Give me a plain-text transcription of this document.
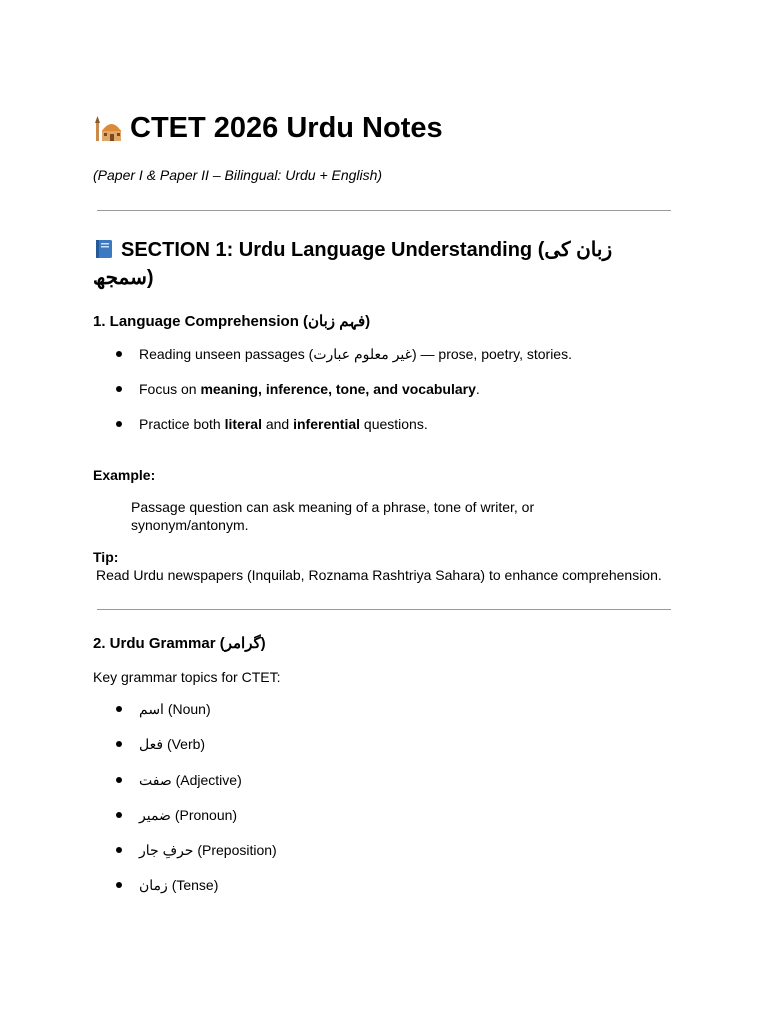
CTET 2026 Urdu Notes
(Paper I & Paper II – Bilingual: Urdu + English)
SECTION 1: Urdu Language Understanding (زبان کی سمجھ)
1. Language Comprehension (فہم زبان)
Reading unseen passages (غیر معلوم عبارت) — prose, poetry, stories.
Focus on meaning, inference, tone, and vocabulary.
Practice both literal and inferential questions.
Example:
Passage question can ask meaning of a phrase, tone of writer, or synonym/antonym.
Tip:
Read Urdu newspapers (Inquilab, Roznama Rashtriya Sahara) to enhance comprehension.
2. Urdu Grammar (گرامر)
Key grammar topics for CTET:
اسم (Noun)
فعل (Verb)
صفت (Adjective)
ضمیر (Pronoun)
حرفِ جار (Preposition)
زمان (Tense)
